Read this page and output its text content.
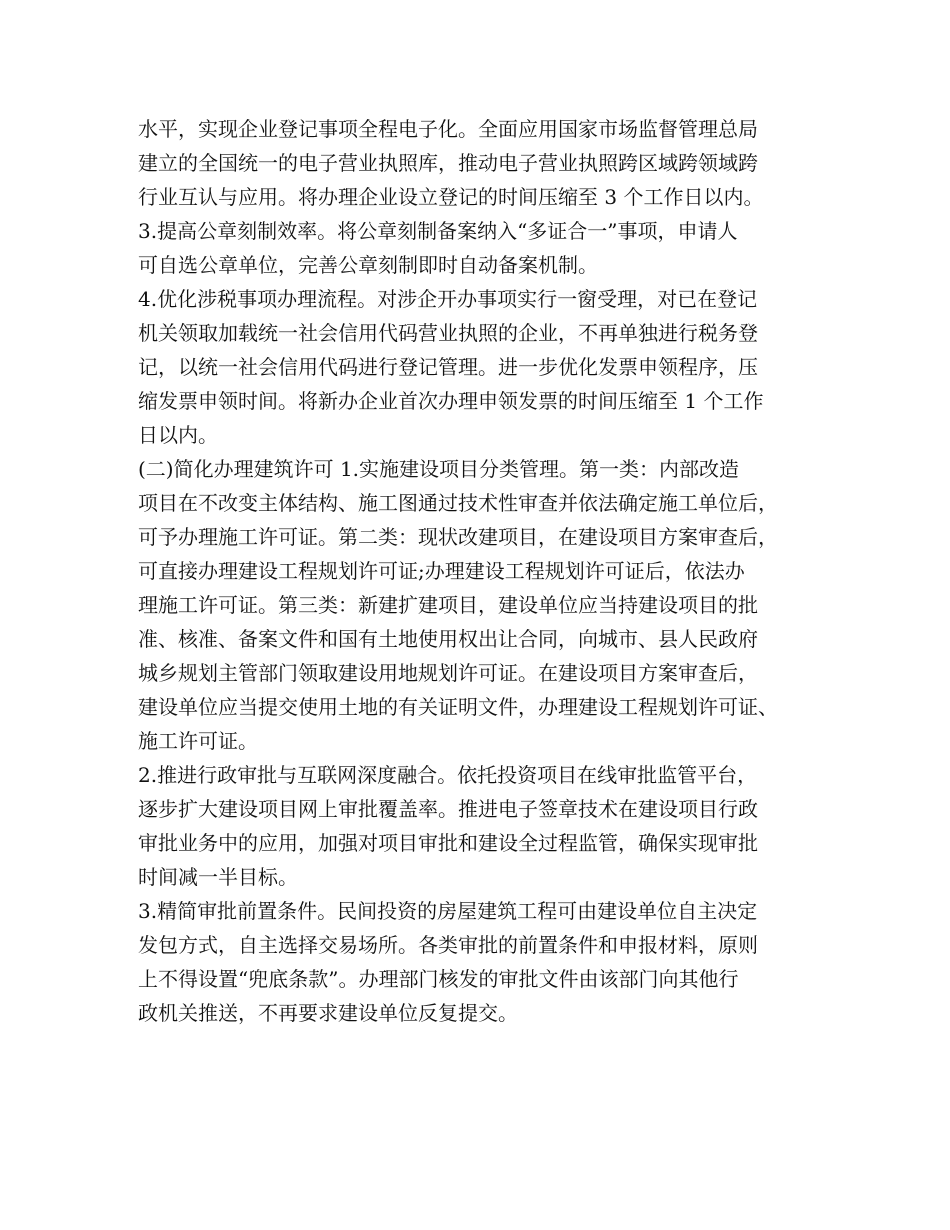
水平，实现企业登记事项全程电子化。全面应用国家市场监督管理总局
建立的全国统一的电子营业执照库，推动电子营业执照跨区域跨领域跨
行业互认与应用。将办理企业设立登记的时间压缩至 3 个工作日以内。
3.提高公章刻制效率。将公章刻制备案纳入“多证合一”事项，申请人
可自选公章单位，完善公章刻制即时自动备案机制。
4.优化涉税事项办理流程。对涉企开办事项实行一窗受理，对已在登记
机关领取加载统一社会信用代码营业执照的企业，不再单独进行税务登
记，以统一社会信用代码进行登记管理。进一步优化发票申领程序，压
缩发票申领时间。将新办企业首次办理申领发票的时间压缩至 1 个工作
日以内。
(二)简化办理建筑许可 1.实施建设项目分类管理。第一类：内部改造
项目在不改变主体结构、施工图通过技术性审查并依法确定施工单位后，
可予办理施工许可证。第二类：现状改建项目，在建设项目方案审查后，
可直接办理建设工程规划许可证;办理建设工程规划许可证后，依法办
理施工许可证。第三类：新建扩建项目，建设单位应当持建设项目的批
准、核准、备案文件和国有土地使用权出让合同，向城市、县人民政府
城乡规划主管部门领取建设用地规划许可证。在建设项目方案审查后，
建设单位应当提交使用土地的有关证明文件，办理建设工程规划许可证、
施工许可证。
2.推进行政审批与互联网深度融合。依托投资项目在线审批监管平台，
逐步扩大建设项目网上审批覆盖率。推进电子签章技术在建设项目行政
审批业务中的应用，加强对项目审批和建设全过程监管，确保实现审批
时间减一半目标。
3.精简审批前置条件。民间投资的房屋建筑工程可由建设单位自主决定
发包方式，自主选择交易场所。各类审批的前置条件和申报材料，原则
上不得设置“兜底条款”。办理部门核发的审批文件由该部门向其他行
政机关推送，不再要求建设单位反复提交。
